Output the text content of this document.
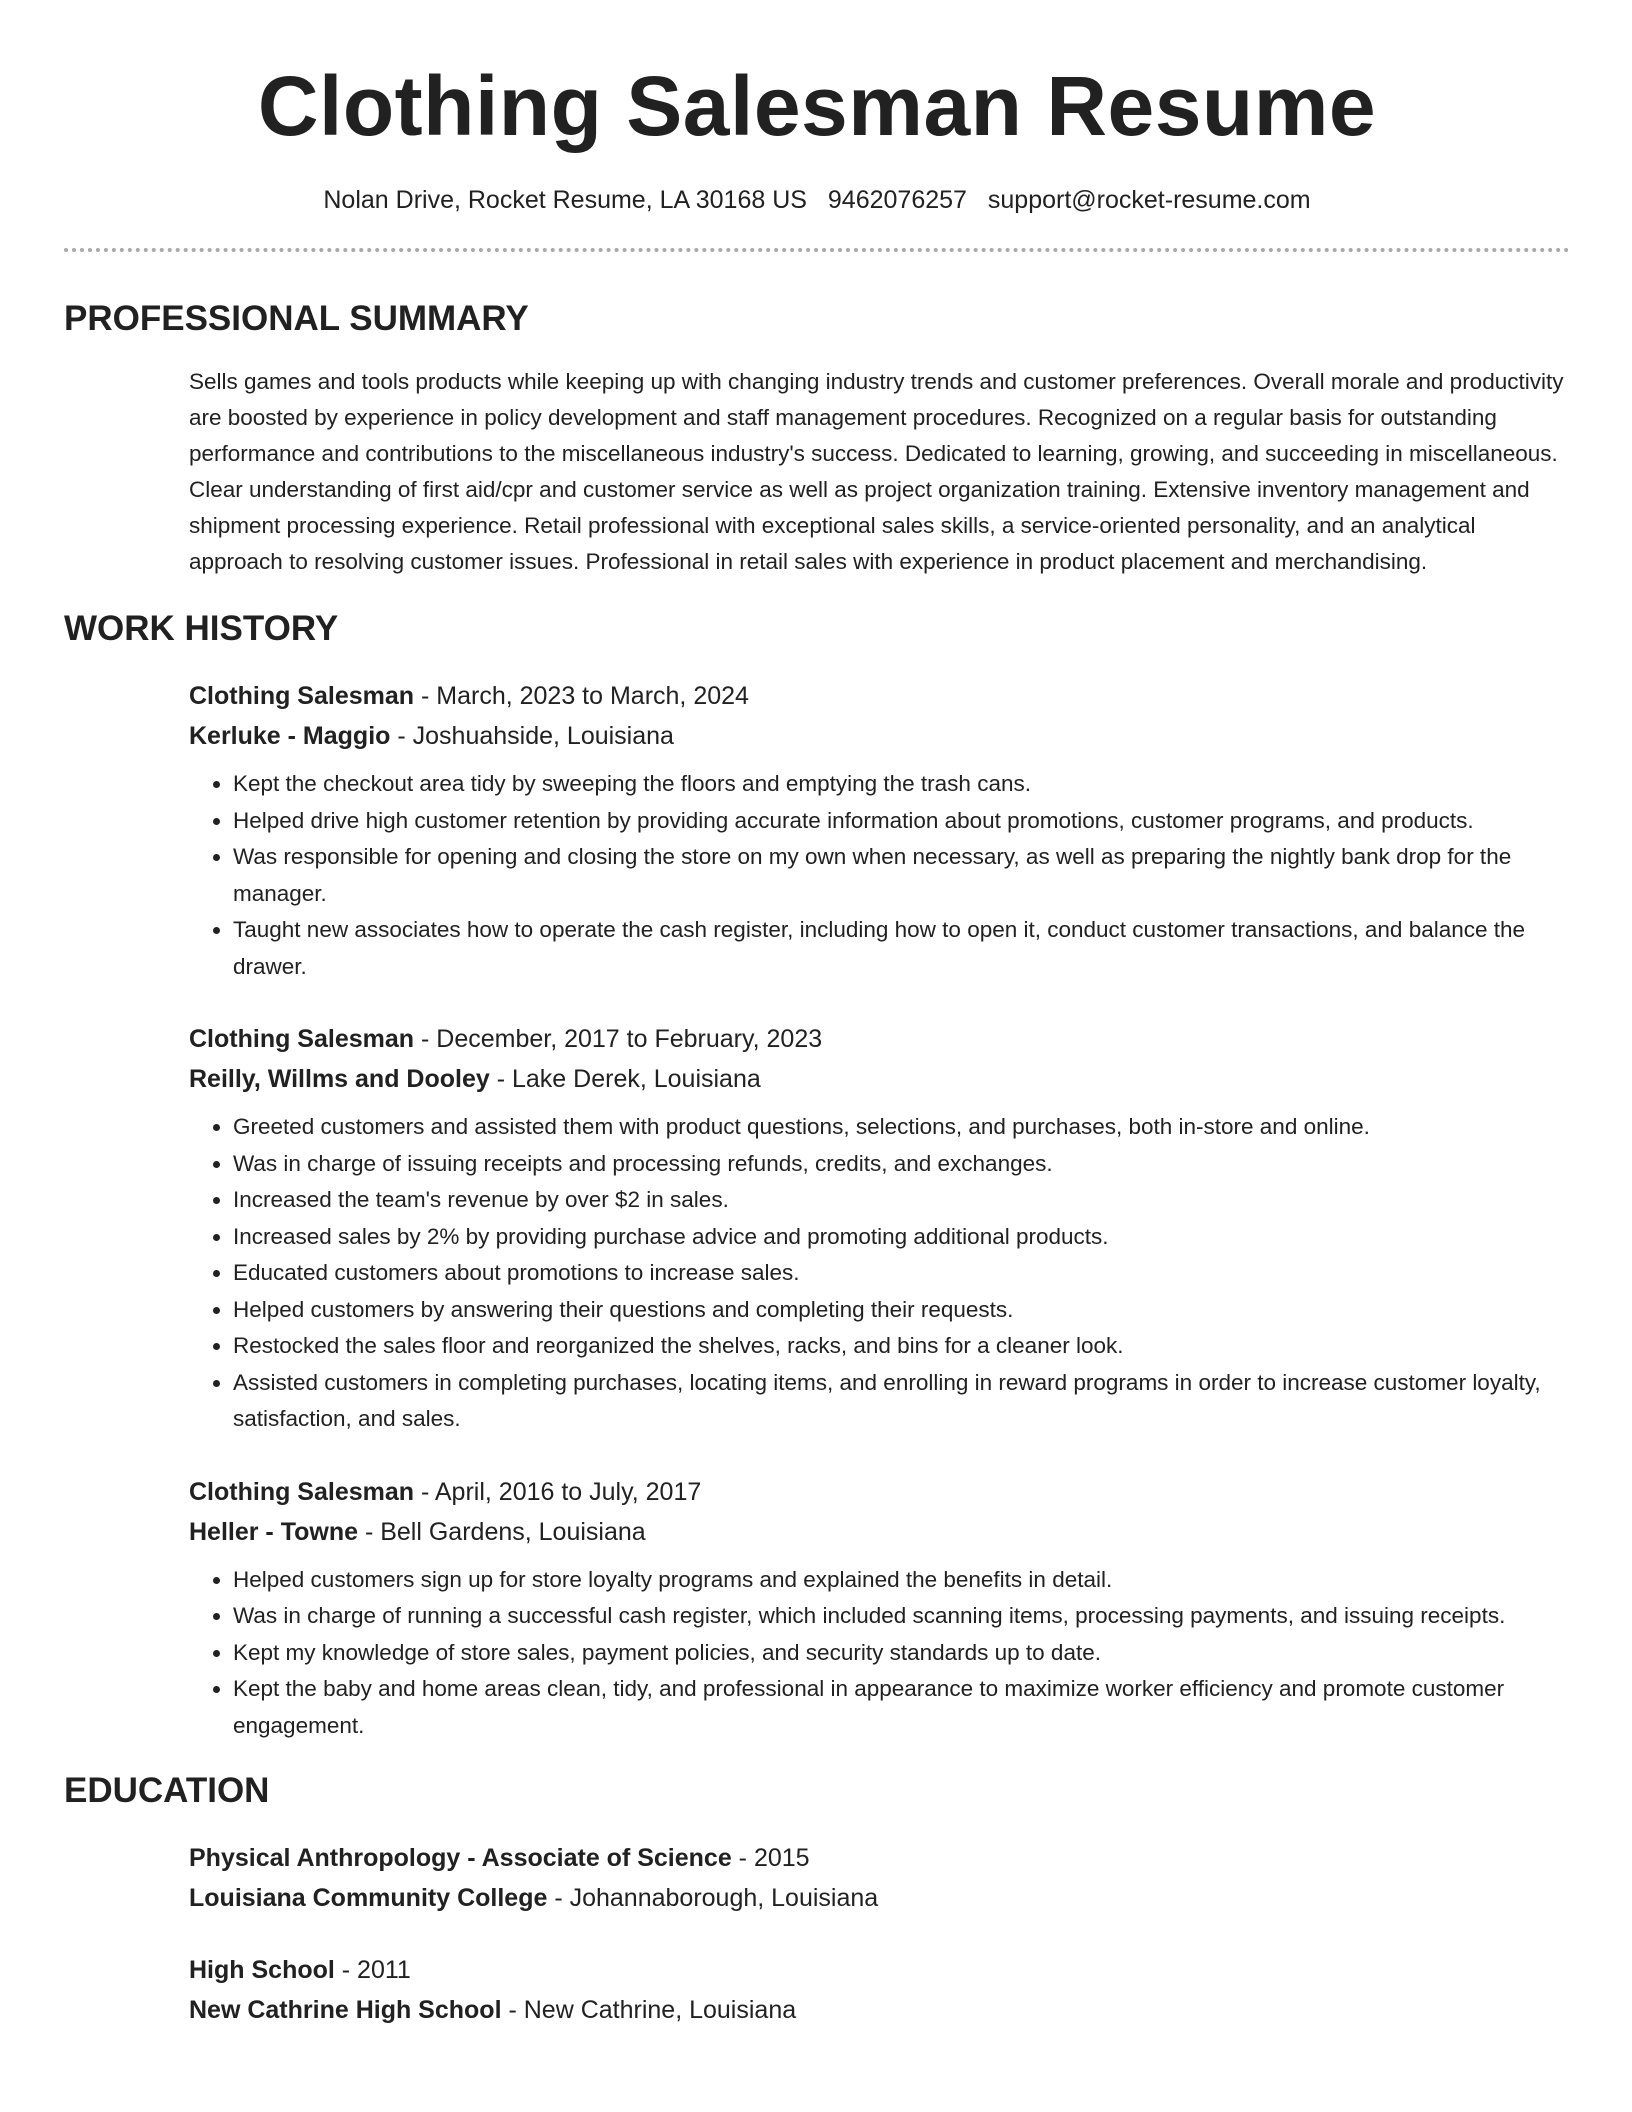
Clothing Salesman Resume
Nolan Drive, Rocket Resume, LA 30168 US 9462076257 support@rocket-resume.com
PROFESSIONAL SUMMARY
Sells games and tools products while keeping up with changing industry trends and customer preferences. Overall morale and productivity are boosted by experience in policy development and staff management procedures. Recognized on a regular basis for outstanding performance and contributions to the miscellaneous industry's success. Dedicated to learning, growing, and succeeding in miscellaneous. Clear understanding of first aid/cpr and customer service as well as project organization training. Extensive inventory management and shipment processing experience. Retail professional with exceptional sales skills, a service-oriented personality, and an analytical approach to resolving customer issues. Professional in retail sales with experience in product placement and merchandising.
WORK HISTORY
Clothing Salesman - March, 2023 to March, 2024
Kerluke - Maggio - Joshuahside, Louisiana
• Kept the checkout area tidy by sweeping the floors and emptying the trash cans.
• Helped drive high customer retention by providing accurate information about promotions, customer programs, and products.
• Was responsible for opening and closing the store on my own when necessary, as well as preparing the nightly bank drop for the manager.
• Taught new associates how to operate the cash register, including how to open it, conduct customer transactions, and balance the drawer.
Clothing Salesman - December, 2017 to February, 2023
Reilly, Willms and Dooley - Lake Derek, Louisiana
• Greeted customers and assisted them with product questions, selections, and purchases, both in-store and online.
• Was in charge of issuing receipts and processing refunds, credits, and exchanges.
• Increased the team's revenue by over $2 in sales.
• Increased sales by 2% by providing purchase advice and promoting additional products.
• Educated customers about promotions to increase sales.
• Helped customers by answering their questions and completing their requests.
• Restocked the sales floor and reorganized the shelves, racks, and bins for a cleaner look.
• Assisted customers in completing purchases, locating items, and enrolling in reward programs in order to increase customer loyalty, satisfaction, and sales.
Clothing Salesman - April, 2016 to July, 2017
Heller - Towne - Bell Gardens, Louisiana
• Helped customers sign up for store loyalty programs and explained the benefits in detail.
• Was in charge of running a successful cash register, which included scanning items, processing payments, and issuing receipts.
• Kept my knowledge of store sales, payment policies, and security standards up to date.
• Kept the baby and home areas clean, tidy, and professional in appearance to maximize worker efficiency and promote customer engagement.
EDUCATION
Physical Anthropology - Associate of Science - 2015
Louisiana Community College - Johannaborough, Louisiana
High School - 2011
New Cathrine High School - New Cathrine, Louisiana
